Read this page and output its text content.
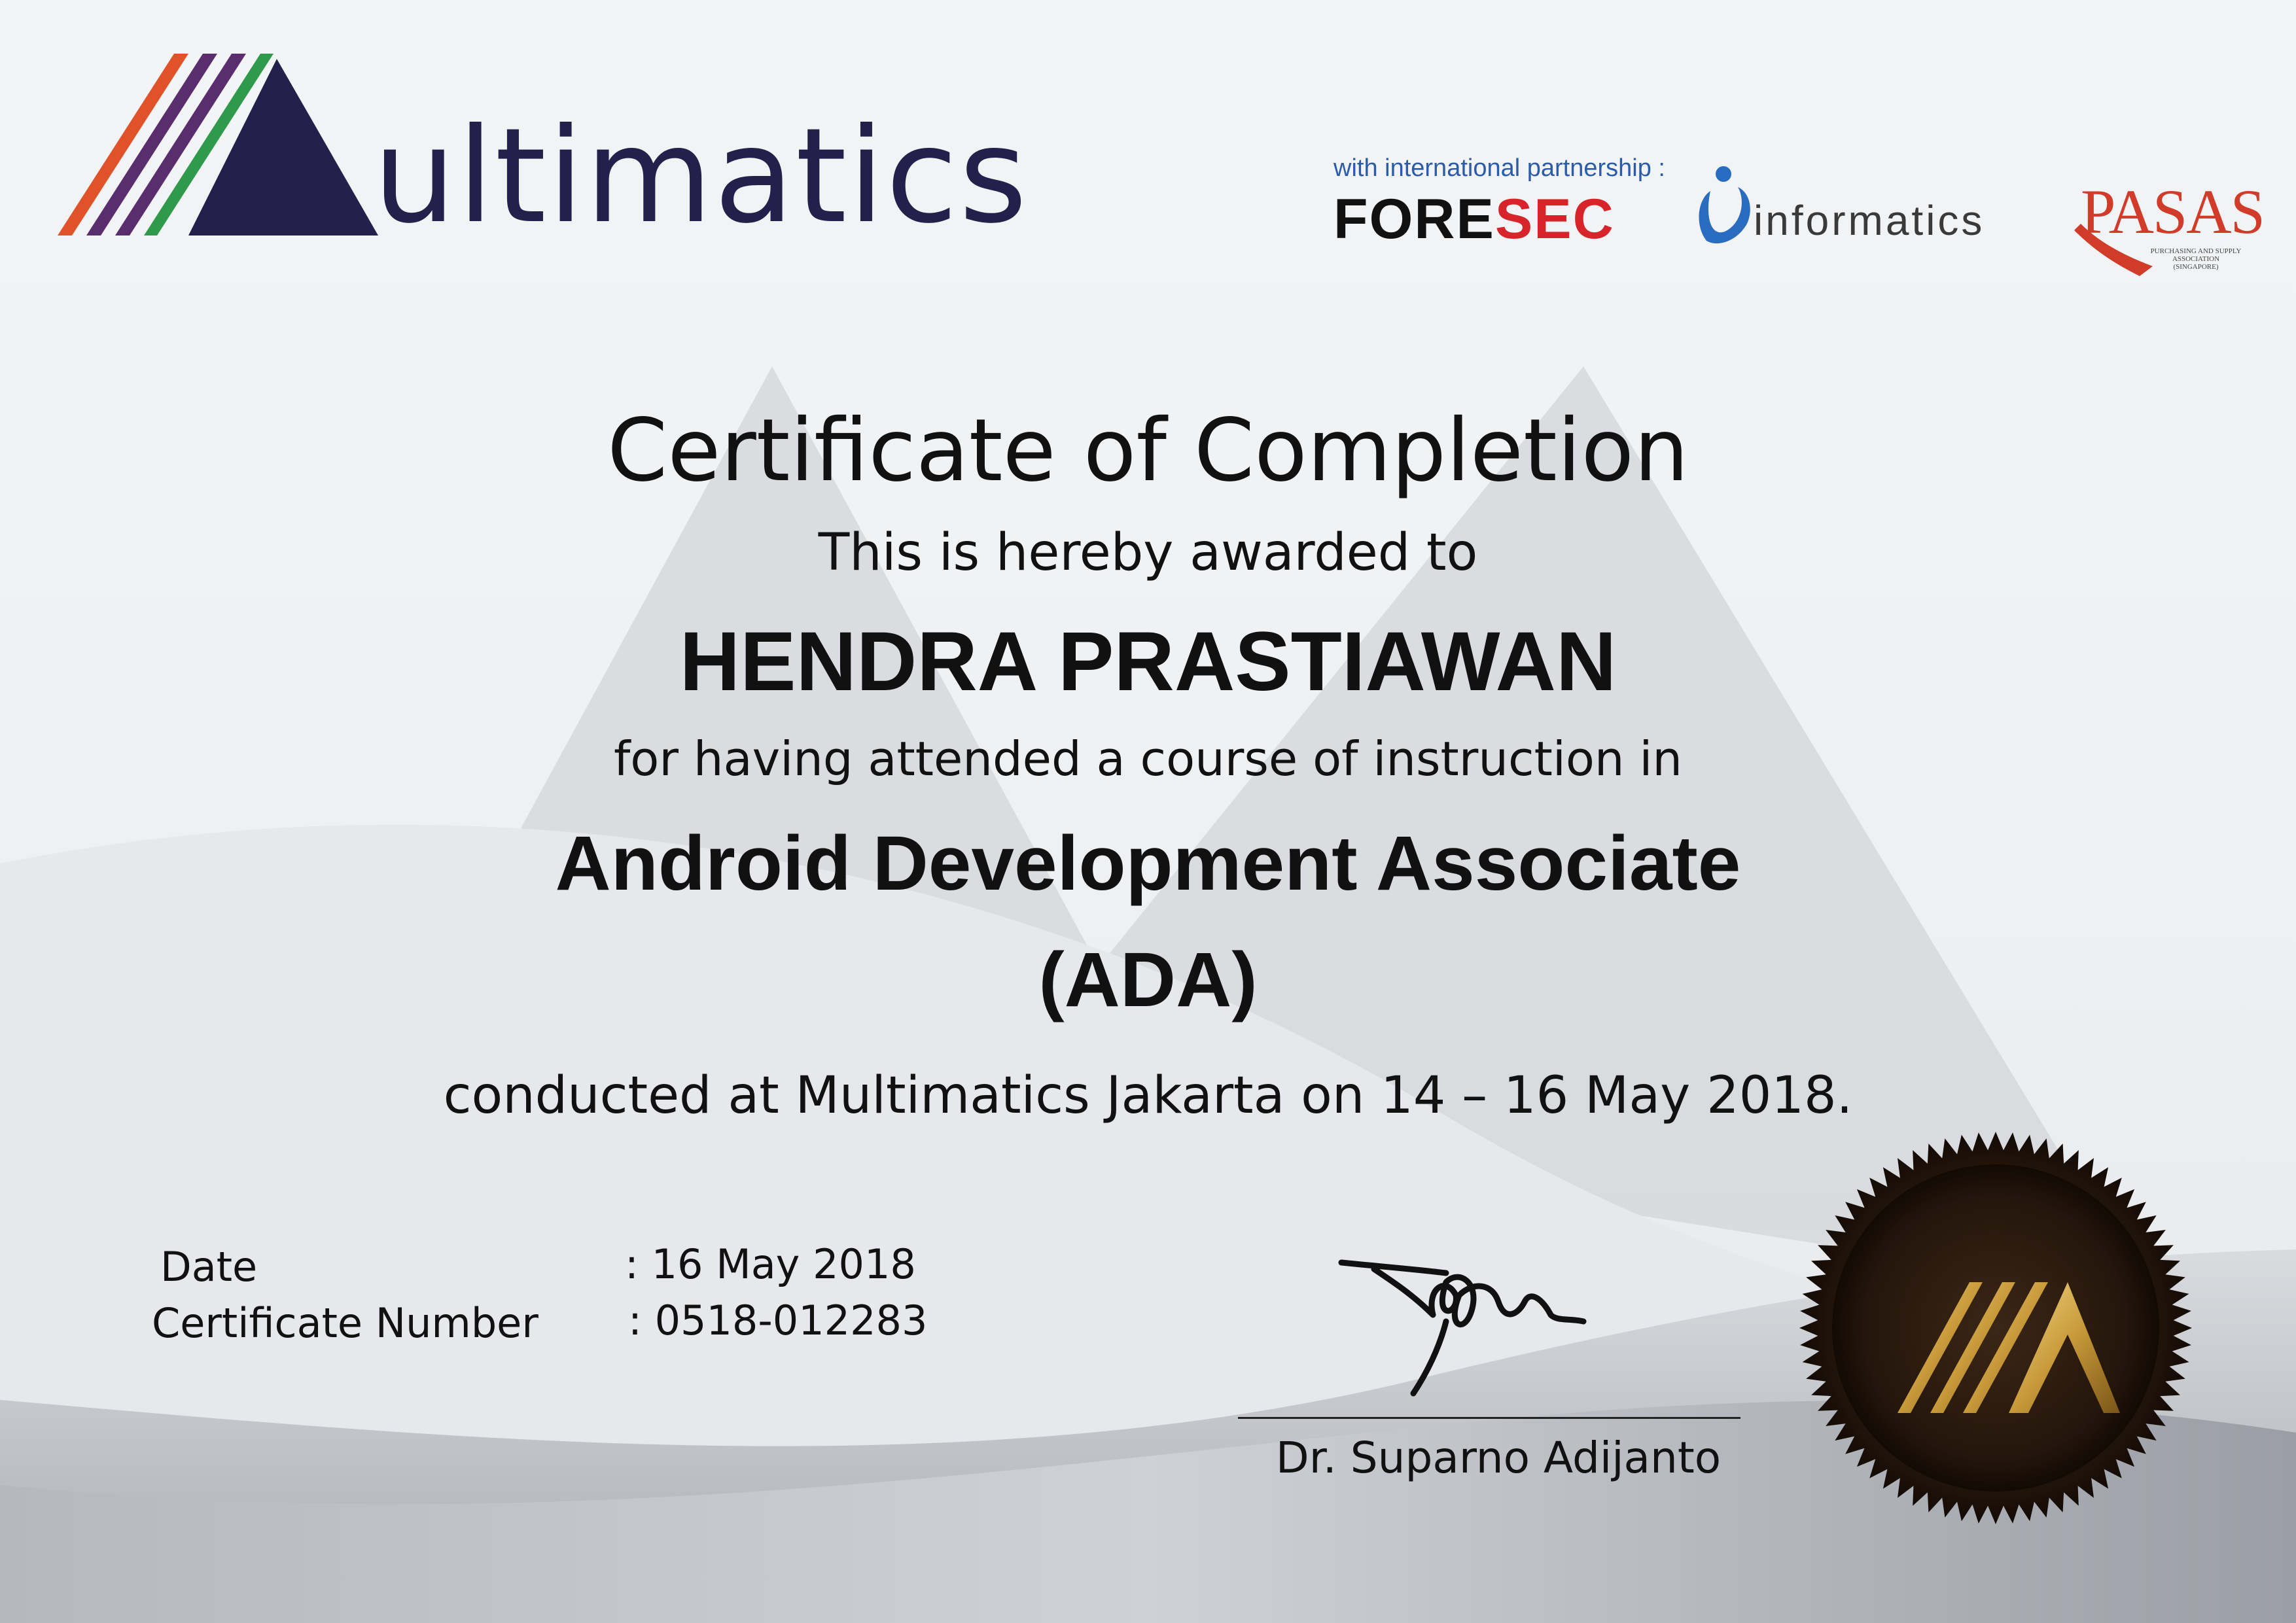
ultimatics	with international partnership :
FORESEC	informatics PASAS
PURCHASING AND SUPPLY ASSOCIATION (SINGAPORE)
Certificate of Completion
This is hereby awarded to
HENDRA PRASTIAWAN
for having attended a course of instruction in
Android Development Associate
(ADA)
conducted at Multimatics Jakarta on 14 – 16 May 2018.
Date	: 16 May 2018
Certificate Number : 0518-012283
Dr. Suparno Adijanto
